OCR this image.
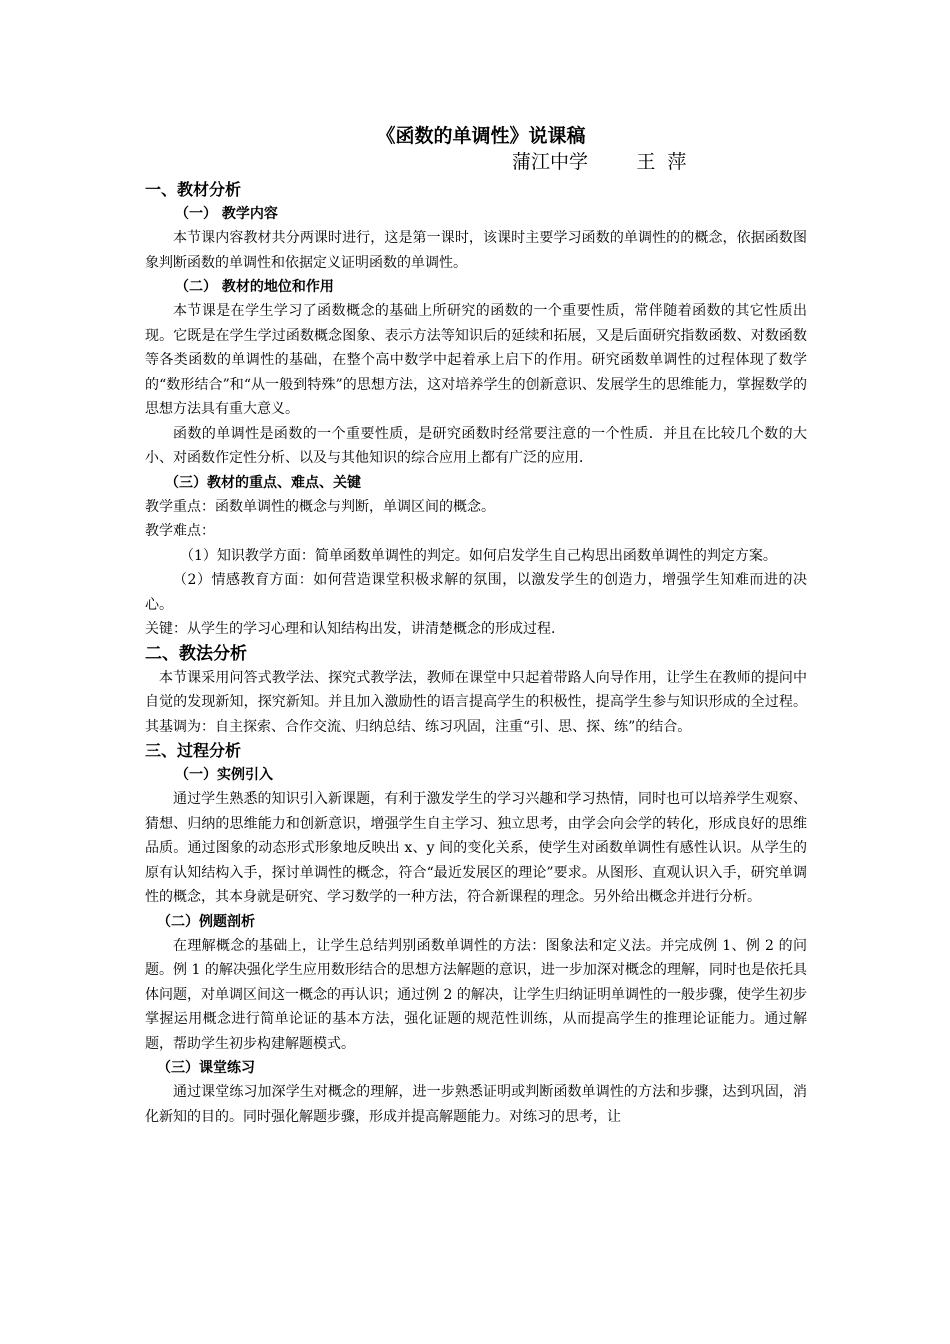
《函数的单调性》说课稿
蒲江中学        王  萍
一、教材分析
（一） 教学内容

本节课内容教材共分两课时进行，这是第一课时，该课时主要学习函数的单调性的的概念，依据函数图象判断函数的单调性和依据定义证明函数的单调性。

（二） 教材的地位和作用

本节课是在学生学习了函数概念的基础上所研究的函数的一个重要性质，常伴随着函数的其它性质出现。它既是在学生学过函数概念图象、表示方法等知识后的延续和拓展，又是后面研究指数函数、对数函数等各类函数的单调性的基础，在整个高中数学中起着承上启下的作用。研究函数单调性的过程体现了数学的“数形结合”和“从一般到特殊”的思想方法，这对培养学生的创新意识、发展学生的思维能力，掌握数学的思想方法具有重大意义。

函数的单调性是函数的一个重要性质，是研究函数时经常要注意的一个性质．并且在比较几个数的大小、对函数作定性分析、以及与其他知识的综合应用上都有广泛的应用．

（三）教材的重点、难点、关键

教学重点：函数单调性的概念与判断，单调区间的概念。

教学难点：

（1）知识教学方面：简单函数单调性的判定。如何启发学生自己构思出函数单调性的判定方案。

（2）情感教育方面：如何营造课堂积极求解的氛围，以激发学生的创造力，增强学生知难而进的决心。

关键：从学生的学习心理和认知结构出发，讲清楚概念的形成过程．

二、教法分析

本节课采用问答式教学法、探究式教学法，教师在课堂中只起着带路人向导作用，让学生在教师的提问中自觉的发现新知，探究新知。并且加入激励性的语言提高学生的积极性，提高学生参与知识形成的全过程。其基调为：自主探索、合作交流、归纳总结、练习巩固，注重“引、思、探、练”的结合。

三、过程分析
（一）实例引入

通过学生熟悉的知识引入新课题，有利于激发学生的学习兴趣和学习热情，同时也可以培养学生观察、猜想、归纳的思维能力和创新意识，增强学生自主学习、独立思考，由学会向会学的转化，形成良好的思维品质。通过图象的动态形式形象地反映出 x、y 间的变化关系，使学生对函数单调性有感性认识。从学生的原有认知结构入手，探讨单调性的概念，符合“最近发展区的理论”要求。从图形、直观认识入手，研究单调性的概念，其本身就是研究、学习数学的一种方法，符合新课程的理念。另外给出概念并进行分析。

（二）例题剖析

在理解概念的基础上，让学生总结判别函数单调性的方法：图象法和定义法。并完成例 1、例 2 的问题。例 1 的解决强化学生应用数形结合的思想方法解题的意识，进一步加深对概念的理解，同时也是依托具体问题，对单调区间这一概念的再认识；通过例 2 的解决，让学生归纳证明单调性的一般步骤，使学生初步掌握运用概念进行简单论证的基本方法，强化证题的规范性训练，从而提高学生的推理论证能力。通过解题，帮助学生初步构建解题模式。

（三）课堂练习

通过课堂练习加深学生对概念的理解，进一步熟悉证明或判断函数单调性的方法和步骤，达到巩固，消化新知的目的。同时强化解题步骤，形成并提高解题能力。对练习的思考，让
